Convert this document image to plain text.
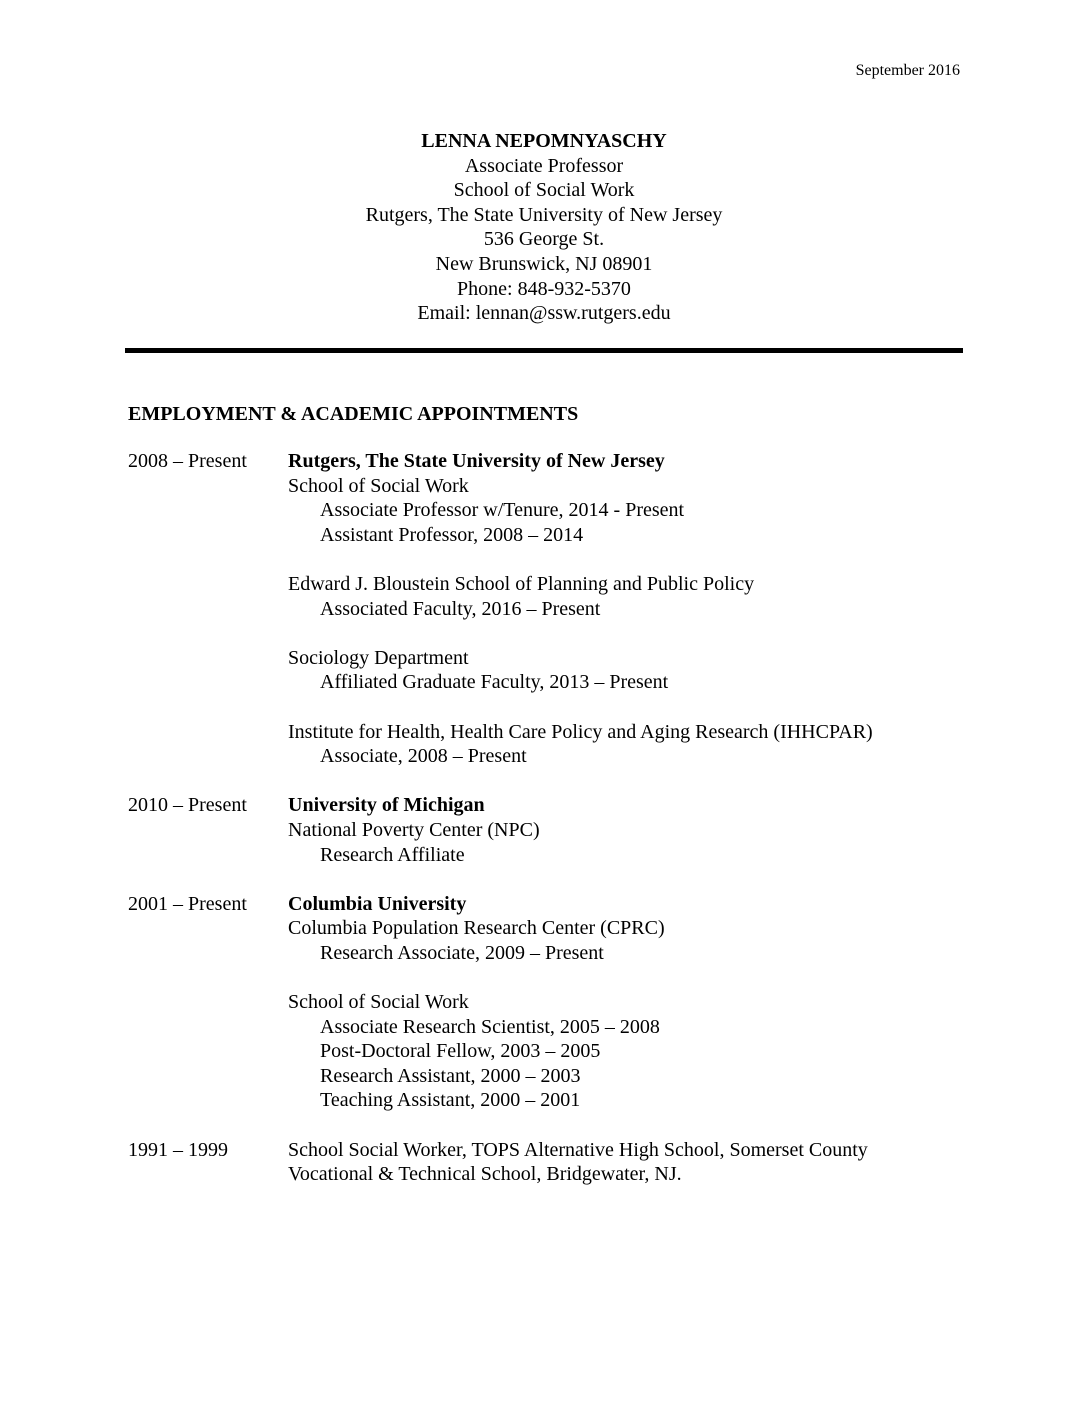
September 2016
LENNA NEPOMNYASCHY
Associate Professor
School of Social Work
Rutgers, The State University of New Jersey
536 George St.
New Brunswick, NJ 08901
Phone: 848-932-5370
Email: lennan@ssw.rutgers.edu
EMPLOYMENT & ACADEMIC APPOINTMENTS
2008 – Present Rutgers, The State University of New Jersey
School of Social Work
Associate Professor w/Tenure, 2014 - Present
Assistant Professor, 2008 – 2014
Edward J. Bloustein School of Planning and Public Policy
Associated Faculty, 2016 – Present
Sociology Department
Affiliated Graduate Faculty, 2013 – Present
Institute for Health, Health Care Policy and Aging Research (IHHCPAR)
Associate, 2008 – Present
2010 – Present University of Michigan
National Poverty Center (NPC)
Research Affiliate
2001 – Present Columbia University
Columbia Population Research Center (CPRC)
Research Associate, 2009 – Present
School of Social Work
Associate Research Scientist, 2005 – 2008
Post-Doctoral Fellow, 2003 – 2005
Research Assistant, 2000 – 2003
Teaching Assistant, 2000 – 2001
1991 – 1999	School Social Worker, TOPS Alternative High School, Somerset County
Vocational & Technical School, Bridgewater, NJ.
